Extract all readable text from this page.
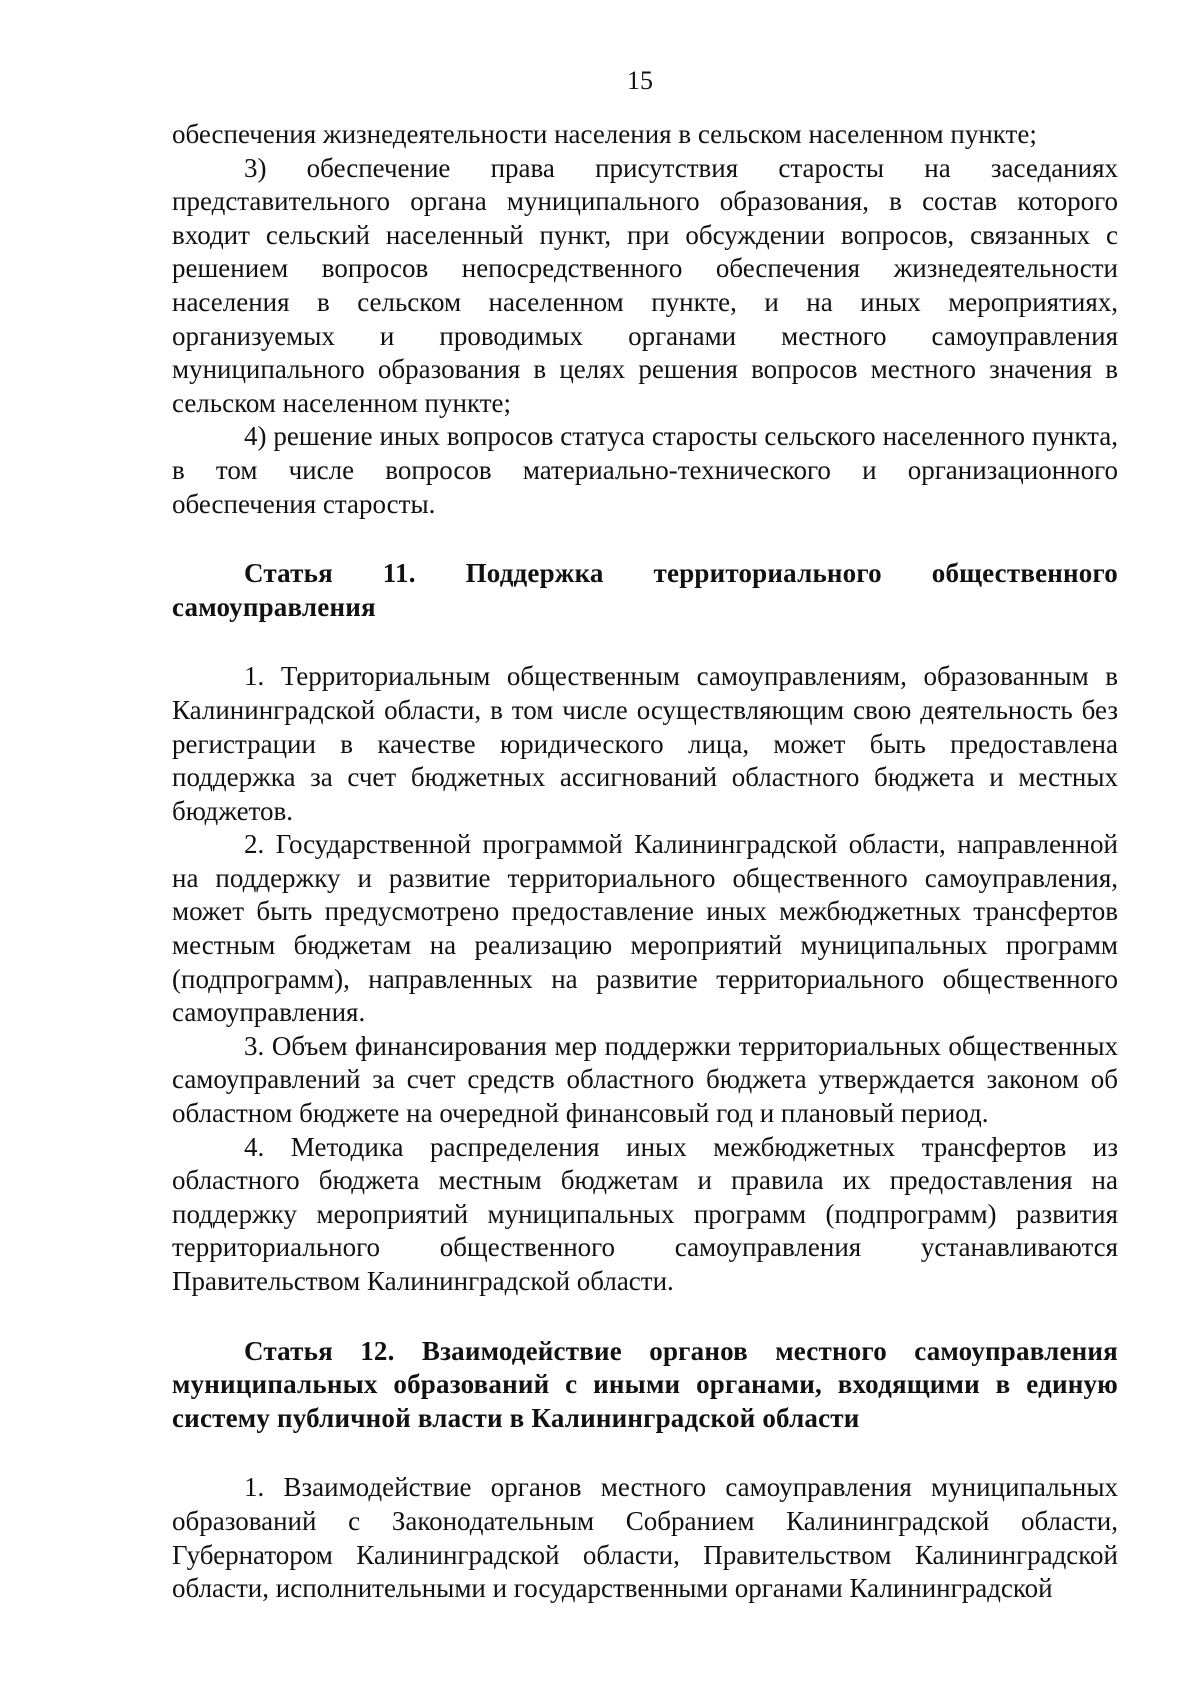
15

обеспечения жизнедеятельности населения в сельском населенном пункте;

3) обеспечение права присутствия старосты на заседаниях представительного органа муниципального образования, в состав которого входит сельский населенный пункт, при обсуждении вопросов, связанных с решением вопросов непосредственного обеспечения жизнедеятельности населения в сельском населенном пункте, и на иных мероприятиях, организуемых и проводимых органами местного самоуправления муниципального образования в целях решения вопросов местного значения в сельском населенном пункте;

4) решение иных вопросов статуса старосты сельского населенного пункта, в том числе вопросов материально-технического и организационного обеспечения старосты.

Статья 11. Поддержка территориального общественного самоуправления

1. Территориальным общественным самоуправлениям, образованным в Калининградской области, в том числе осуществляющим свою деятельность без регистрации в качестве юридического лица, может быть предоставлена поддержка за счет бюджетных ассигнований областного бюджета и местных бюджетов.

2. Государственной программой Калининградской области, направленной на поддержку и развитие территориального общественного самоуправления, может быть предусмотрено предоставление иных межбюджетных трансфертов местным бюджетам на реализацию мероприятий муниципальных программ (подпрограмм), направленных на развитие территориального общественного самоуправления.

3. Объем финансирования мер поддержки территориальных общественных самоуправлений за счет средств областного бюджета утверждается законом об областном бюджете на очередной финансовый год и плановый период.

4. Методика распределения иных межбюджетных трансфертов из областного бюджета местным бюджетам и правила их предоставления на поддержку мероприятий муниципальных программ (подпрограмм) развития территориального общественного самоуправления устанавливаются Правительством Калининградской области.

Статья 12. Взаимодействие органов местного самоуправления муниципальных образований с иными органами, входящими в единую систему публичной власти в Калининградской области

1. Взаимодействие органов местного самоуправления муниципальных образований с Законодательным Собранием Калининградской области, Губернатором Калининградской области, Правительством Калининградской области, исполнительными и государственными органами Калининградской
